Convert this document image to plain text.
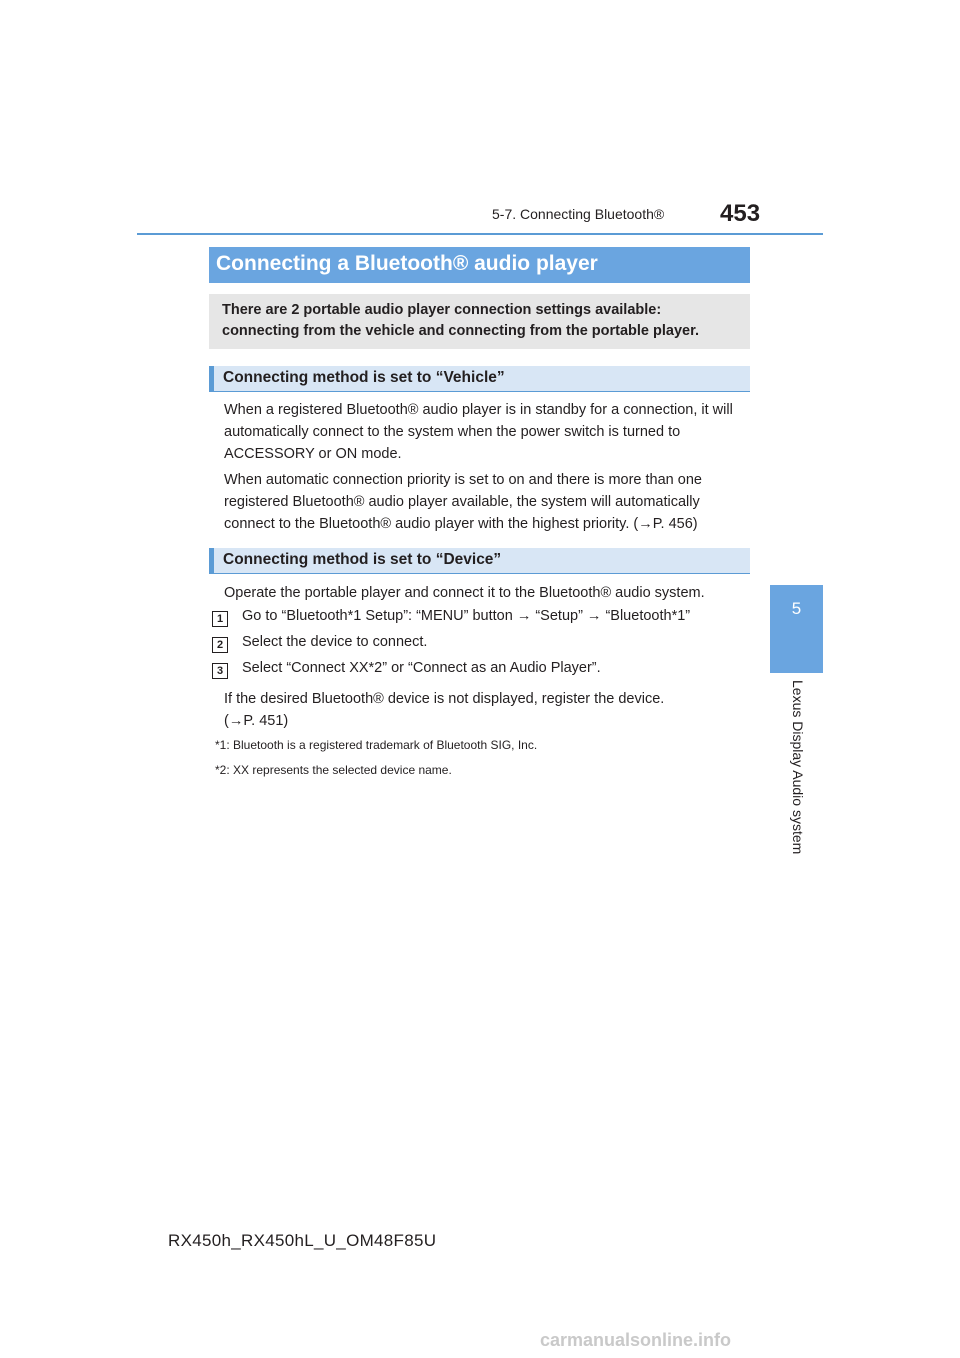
5-7. Connecting Bluetooth® 453
5
Lexus Display Audio system
Connecting a Bluetooth® audio player
There are 2 portable audio player connection settings available: connecting from the vehicle and connecting from the portable player.
Connecting method is set to “Vehicle”
When a registered Bluetooth® audio player is in standby for a connection, it will automatically connect to the system when the power switch is turned to ACCESSORY or ON mode.
When automatic connection priority is set to on and there is more than one registered Bluetooth® audio player available, the system will automatically connect to the Bluetooth® audio player with the highest priority. (→P. 456)
Connecting method is set to “Device”
Operate the portable player and connect it to the Bluetooth® audio system.
1	Go to “Bluetooth*1 Setup”: “MENU” button → “Setup” → “Bluetooth*1”
2	Select the device to connect.
3	Select “Connect XX*2” or “Connect as an Audio Player”.
If the desired Bluetooth® device is not displayed, register the device.
(→P. 451)
*1: Bluetooth is a registered trademark of Bluetooth SIG, Inc.
*2: XX represents the selected device name.
RX450h_RX450hL_U_OM48F85U
carmanualsonline.info
